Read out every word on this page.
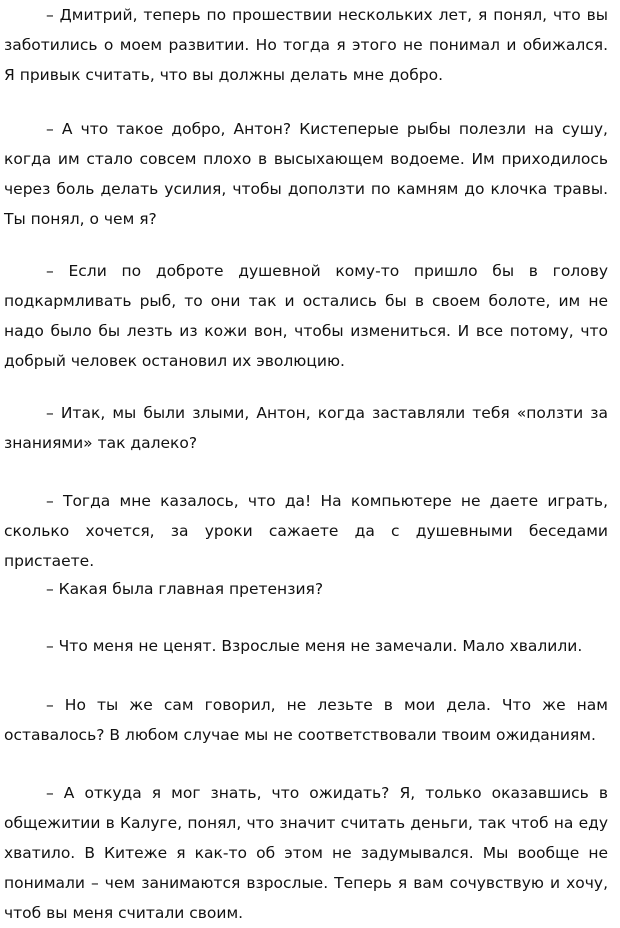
– Дмитрий, теперь по прошествии нескольких лет, я понял, что вы заботились о моем развитии. Но тогда я этого не понимал и обижался. Я привык считать, что вы должны делать мне добро.

– А что такое добро, Антон? Кистеперые рыбы полезли на сушу, когда им стало совсем плохо в высыхающем водоеме. Им приходилось через боль делать усилия, чтобы доползти по камням до клочка травы. Ты понял, о чем я?

– Если по доброте душевной кому-то пришло бы в голову подкармливать рыб, то они так и остались бы в своем болоте, им не надо было бы лезть из кожи вон, чтобы измениться. И все потому, что добрый человек остановил их эволюцию.

– Итак, мы были злыми, Антон, когда заставляли тебя «ползти за знаниями» так далеко?

– Тогда мне казалось, что да! На компьютере не даете играть, сколько хочется, за уроки сажаете да с душевными беседами пристаете.

– Какая была главная претензия?

– Что меня не ценят. Взрослые меня не замечали. Мало хвалили.

– Но ты же сам говорил, не лезьте в мои дела. Что же нам оставалось? В любом случае мы не соответствовали твоим ожиданиям.

– А откуда я мог знать, что ожидать? Я, только оказавшись в общежитии в Калуге, понял, что значит считать деньги, так чтоб на еду хватило. В Китеже я как-то об этом не задумывался. Мы вообще не понимали – чем занимаются взрослые. Теперь я вам сочувствую и хочу, чтоб вы меня считали своим.
